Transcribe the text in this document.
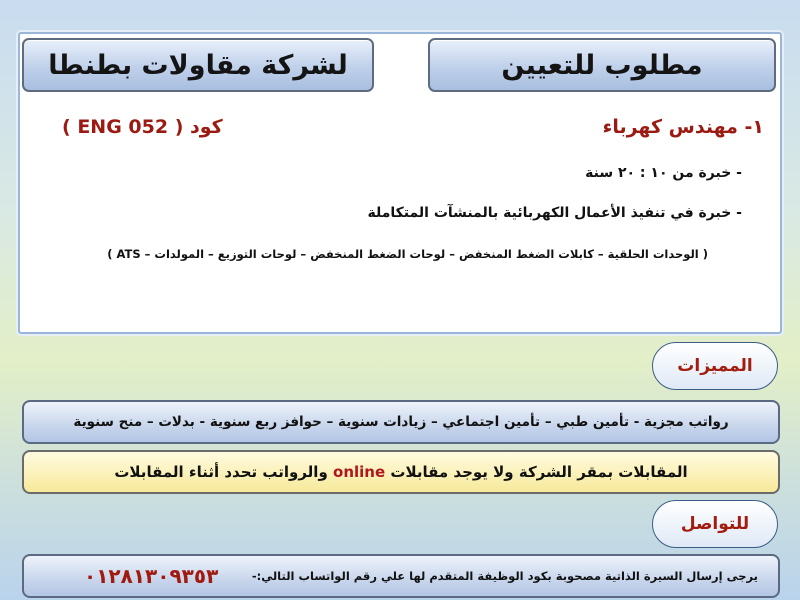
مطلوب للتعيين
لشركة مقاولات بطنطا
١- مهندس كهرباء
كود ( ENG 052 )
- خبرة من ١٠ : ٢٠ سنة
- خبرة في تنفيذ الأعمال الكهربائية بالمنشآت المتكاملة
( الوحدات الحلقية – كابلات الضغط المنخفض – لوحات الضغط المنخفض – لوحات التوزيع – المولدات – ATS )
المميزات
رواتب مجزية - تأمين طبي – تأمين اجتماعي – زيادات سنوية – حوافز ربع سنوية - بدلات – منح سنوية
المقابلات بمقر الشركة ولا يوجد مقابلات

online

والرواتب تحدد أثناء المقابلات
للتواصل
يرجى إرسال السيرة الذاتية مصحوبة بكود الوظيفة المتقدم لها علي رقم الواتساب التالي:-
٠١٢٨١٣٠٩٣٥٣
